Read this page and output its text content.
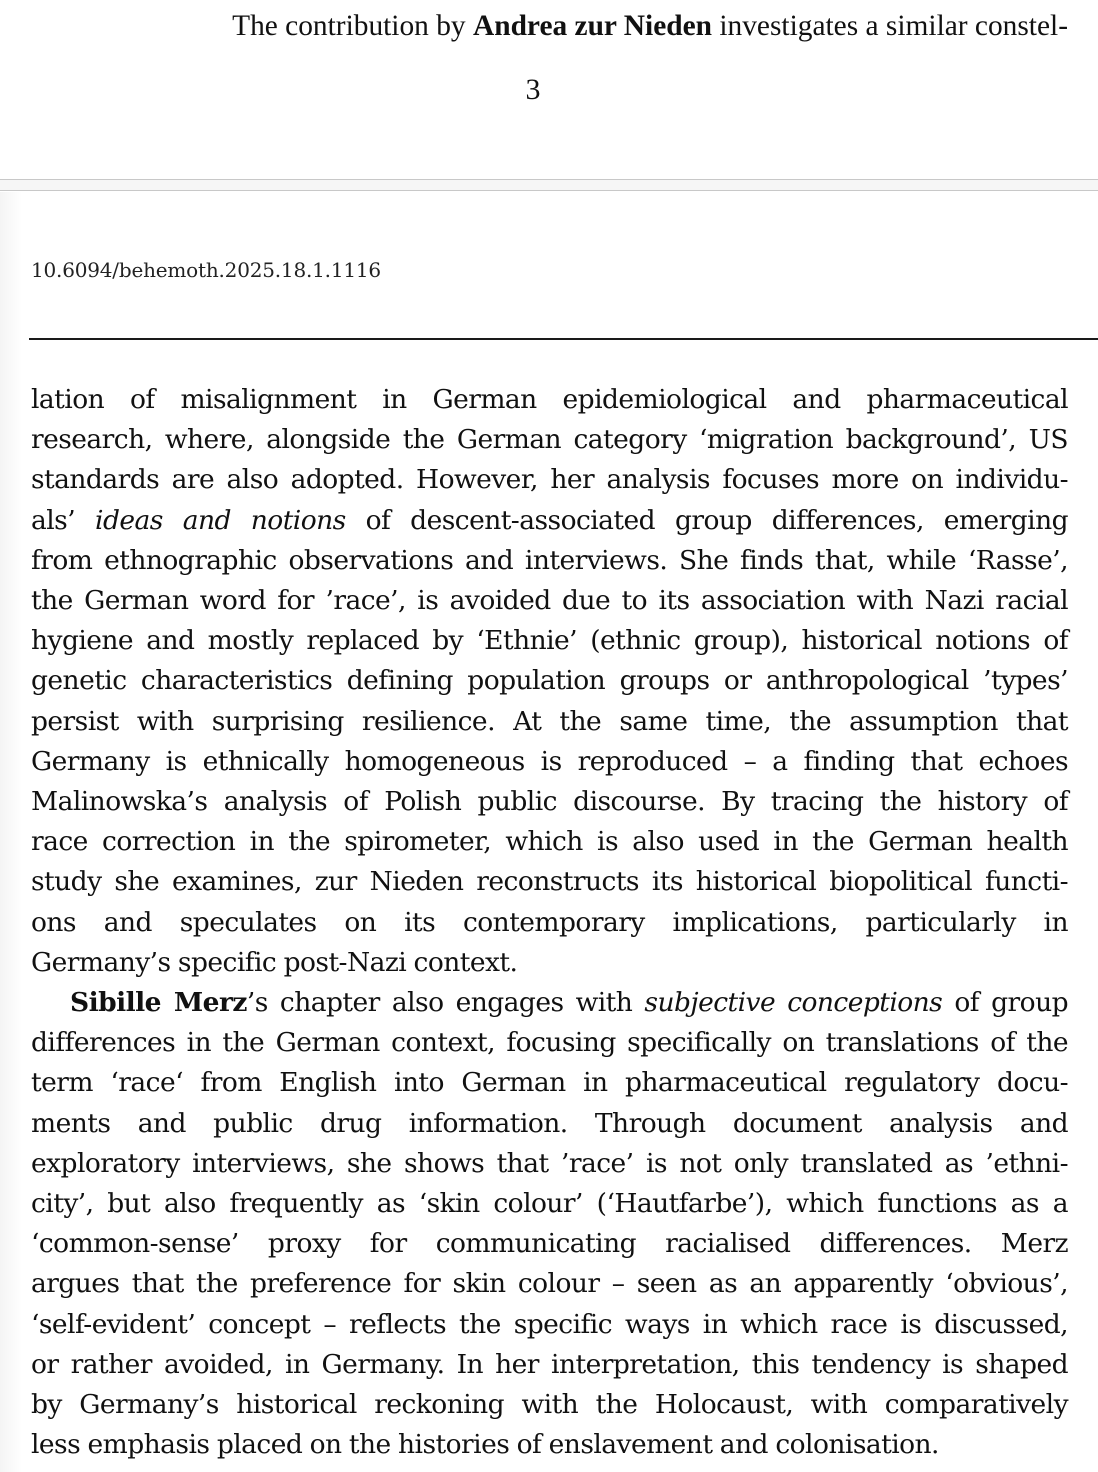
The contribution by Andrea zur Nieden investigates a similar constel-
3
10.6094/behemoth.2025.18.1.1116
lation of misalignment in German epidemiological and pharmaceutical
research, where, alongside the German category ‘migration background’, US
standards are also adopted. However, her analysis focuses more on individu-
als’ ideas and notions of descent-associated group differences, emerging
from ethnographic observations and interviews. She finds that, while ‘Rasse’,
the German word for ’race’, is avoided due to its association with Nazi racial
hygiene and mostly replaced by ‘Ethnie’ (ethnic group), historical notions of
genetic characteristics defining population groups or anthropological ’types’
persist with surprising resilience. At the same time, the assumption that
Germany is ethnically homogeneous is reproduced – a finding that echoes
Malinowska’s analysis of Polish public discourse. By tracing the history of
race correction in the spirometer, which is also used in the German health
study she examines, zur Nieden reconstructs its historical biopolitical functi-
ons and speculates on its contemporary implications, particularly in
Germany’s specific post-Nazi context.
Sibille Merz’s chapter also engages with subjective conceptions of group
differences in the German context, focusing specifically on translations of the
term ‘race‘ from English into German in pharmaceutical regulatory docu-
ments and public drug information. Through document analysis and
exploratory interviews, she shows that ’race’ is not only translated as ’ethni-
city’, but also frequently as ‘skin colour’ (‘Hautfarbe’), which functions as a
‘common-sense’ proxy for communicating racialised differences. Merz
argues that the preference for skin colour – seen as an apparently ‘obvious’,
‘self-evident’ concept – reflects the specific ways in which race is discussed,
or rather avoided, in Germany. In her interpretation, this tendency is shaped
by Germany’s historical reckoning with the Holocaust, with comparatively
less emphasis placed on the histories of enslavement and colonisation.
